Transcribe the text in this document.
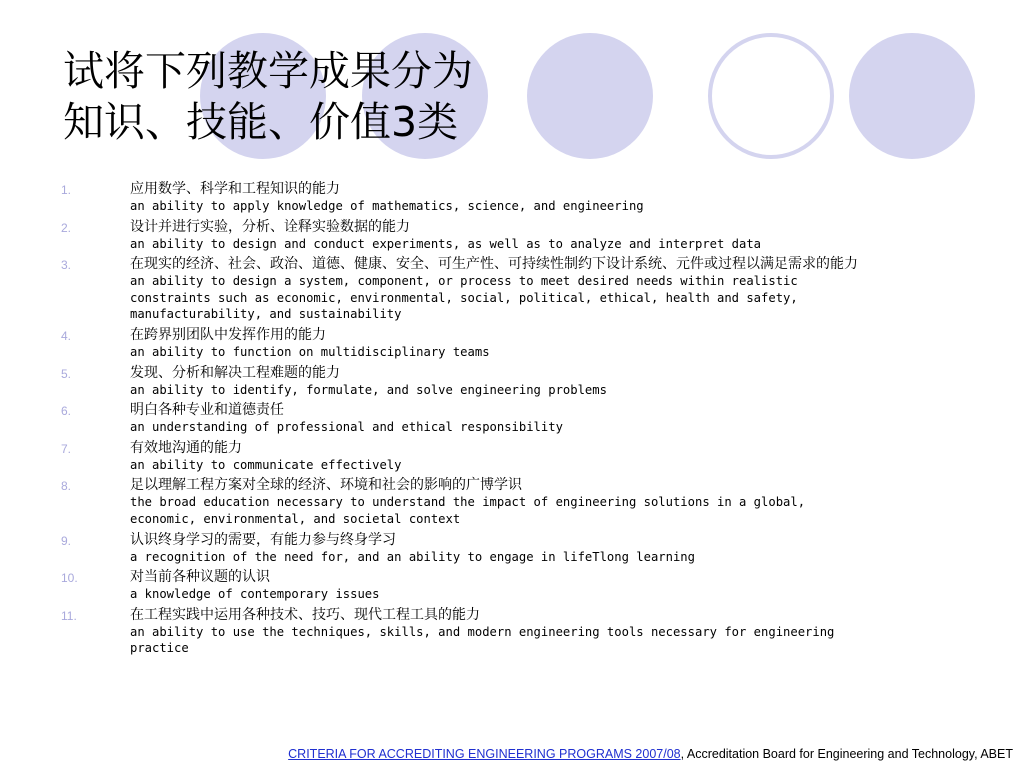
试将下列教学成果分为
知识、技能、价值3类
1.	应用数学、科学和工程知识的能力
an ability to apply knowledge of mathematics, science, and engineering
2.	设计并进行实验，分析、诠释实验数据的能力
an ability to design and conduct experiments, as well as to analyze and interpret data
3.	在现实的经济、社会、政治、道德、健康、安全、可生产性、可持续性制约下设计系统、元件或过程以满足需求的能力
an ability to design a system, component, or process to meet desired needs within realistic
constraints such as economic, environmental, social, political, ethical, health and safety,
manufacturability, and sustainability
4.	在跨界别团队中发挥作用的能力
an ability to function on multidisciplinary teams
5.	发现、分析和解决工程难题的能力
an ability to identify, formulate, and solve engineering problems
6.	明白各种专业和道德责任
an understanding of professional and ethical responsibility
7.	有效地沟通的能力
an ability to communicate effectively
8.	足以理解工程方案对全球的经济、环境和社会的影响的广博学识
the broad education necessary to understand the impact of engineering solutions in a global,
economic, environmental, and societal context
9.	认识终身学习的需要，有能力参与终身学习
a recognition of the need for, and an ability to engage in lifeTlong learning
10.	对当前各种议题的认识
a knowledge of contemporary issues
11.	在工程实践中运用各种技术、技巧、现代工程工具的能力
an ability to use the techniques, skills, and modern engineering tools necessary for engineering
practice
CRITERIA FOR ACCREDITING ENGINEERING PROGRAMS 2007/08, Accreditation Board for Engineering and Technology, ABET
